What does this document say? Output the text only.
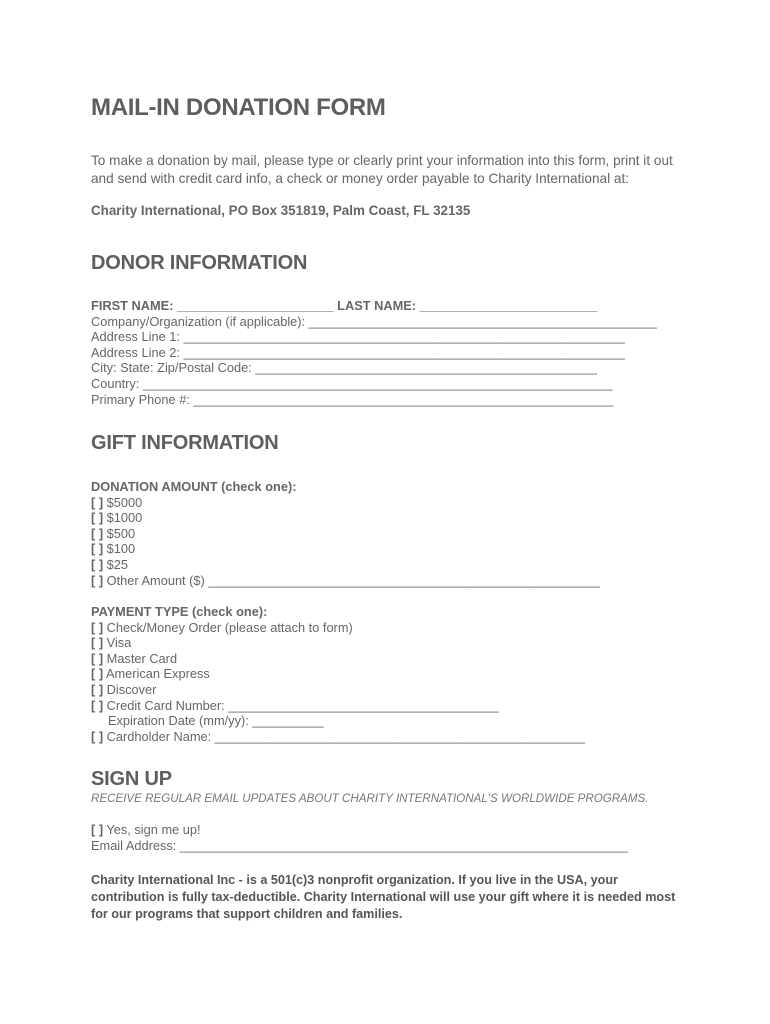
MAIL-IN DONATION FORM

To make a donation by mail, please type or clearly print your information into this form, print it out and send with credit card info, a check or money order payable to Charity International at:

Charity International, PO Box 351819, Palm Coast, FL 32135
DONOR INFORMATION
FIRST NAME: ______________________ LAST NAME: _________________________
Company/Organization (if applicable): _________________________________________________
Address Line 1: ______________________________________________________________
Address Line 2: ______________________________________________________________
City: State: Zip/Postal Code: ________________________________________________
Country: __________________________________________________________________
Primary Phone #: ___________________________________________________________
GIFT INFORMATION
DONATION AMOUNT (check one):
[ ] $5000
[ ] $1000
[ ] $500
[ ] $100
[ ] $25
[ ] Other Amount ($) _______________________________________________________
PAYMENT TYPE (check one):
[ ] Check/Money Order (please attach to form)
[ ] Visa
[ ] Master Card
[ ] American Express
[ ] Discover
[ ] Credit Card Number: ______________________________________
Expiration Date (mm/yy): __________
[ ] Cardholder Name: ____________________________________________________
SIGN UP

RECEIVE REGULAR EMAIL UPDATES ABOUT CHARITY INTERNATIONAL'S WORLDWIDE PROGRAMS.

[ ] Yes, sign me up!
Email Address: _______________________________________________________________

Charity International Inc - is a 501(c)3 nonprofit organization. If you live in the USA, your contribution is fully tax-deductible. Charity International will use your gift where it is needed most for our programs that support children and families.
